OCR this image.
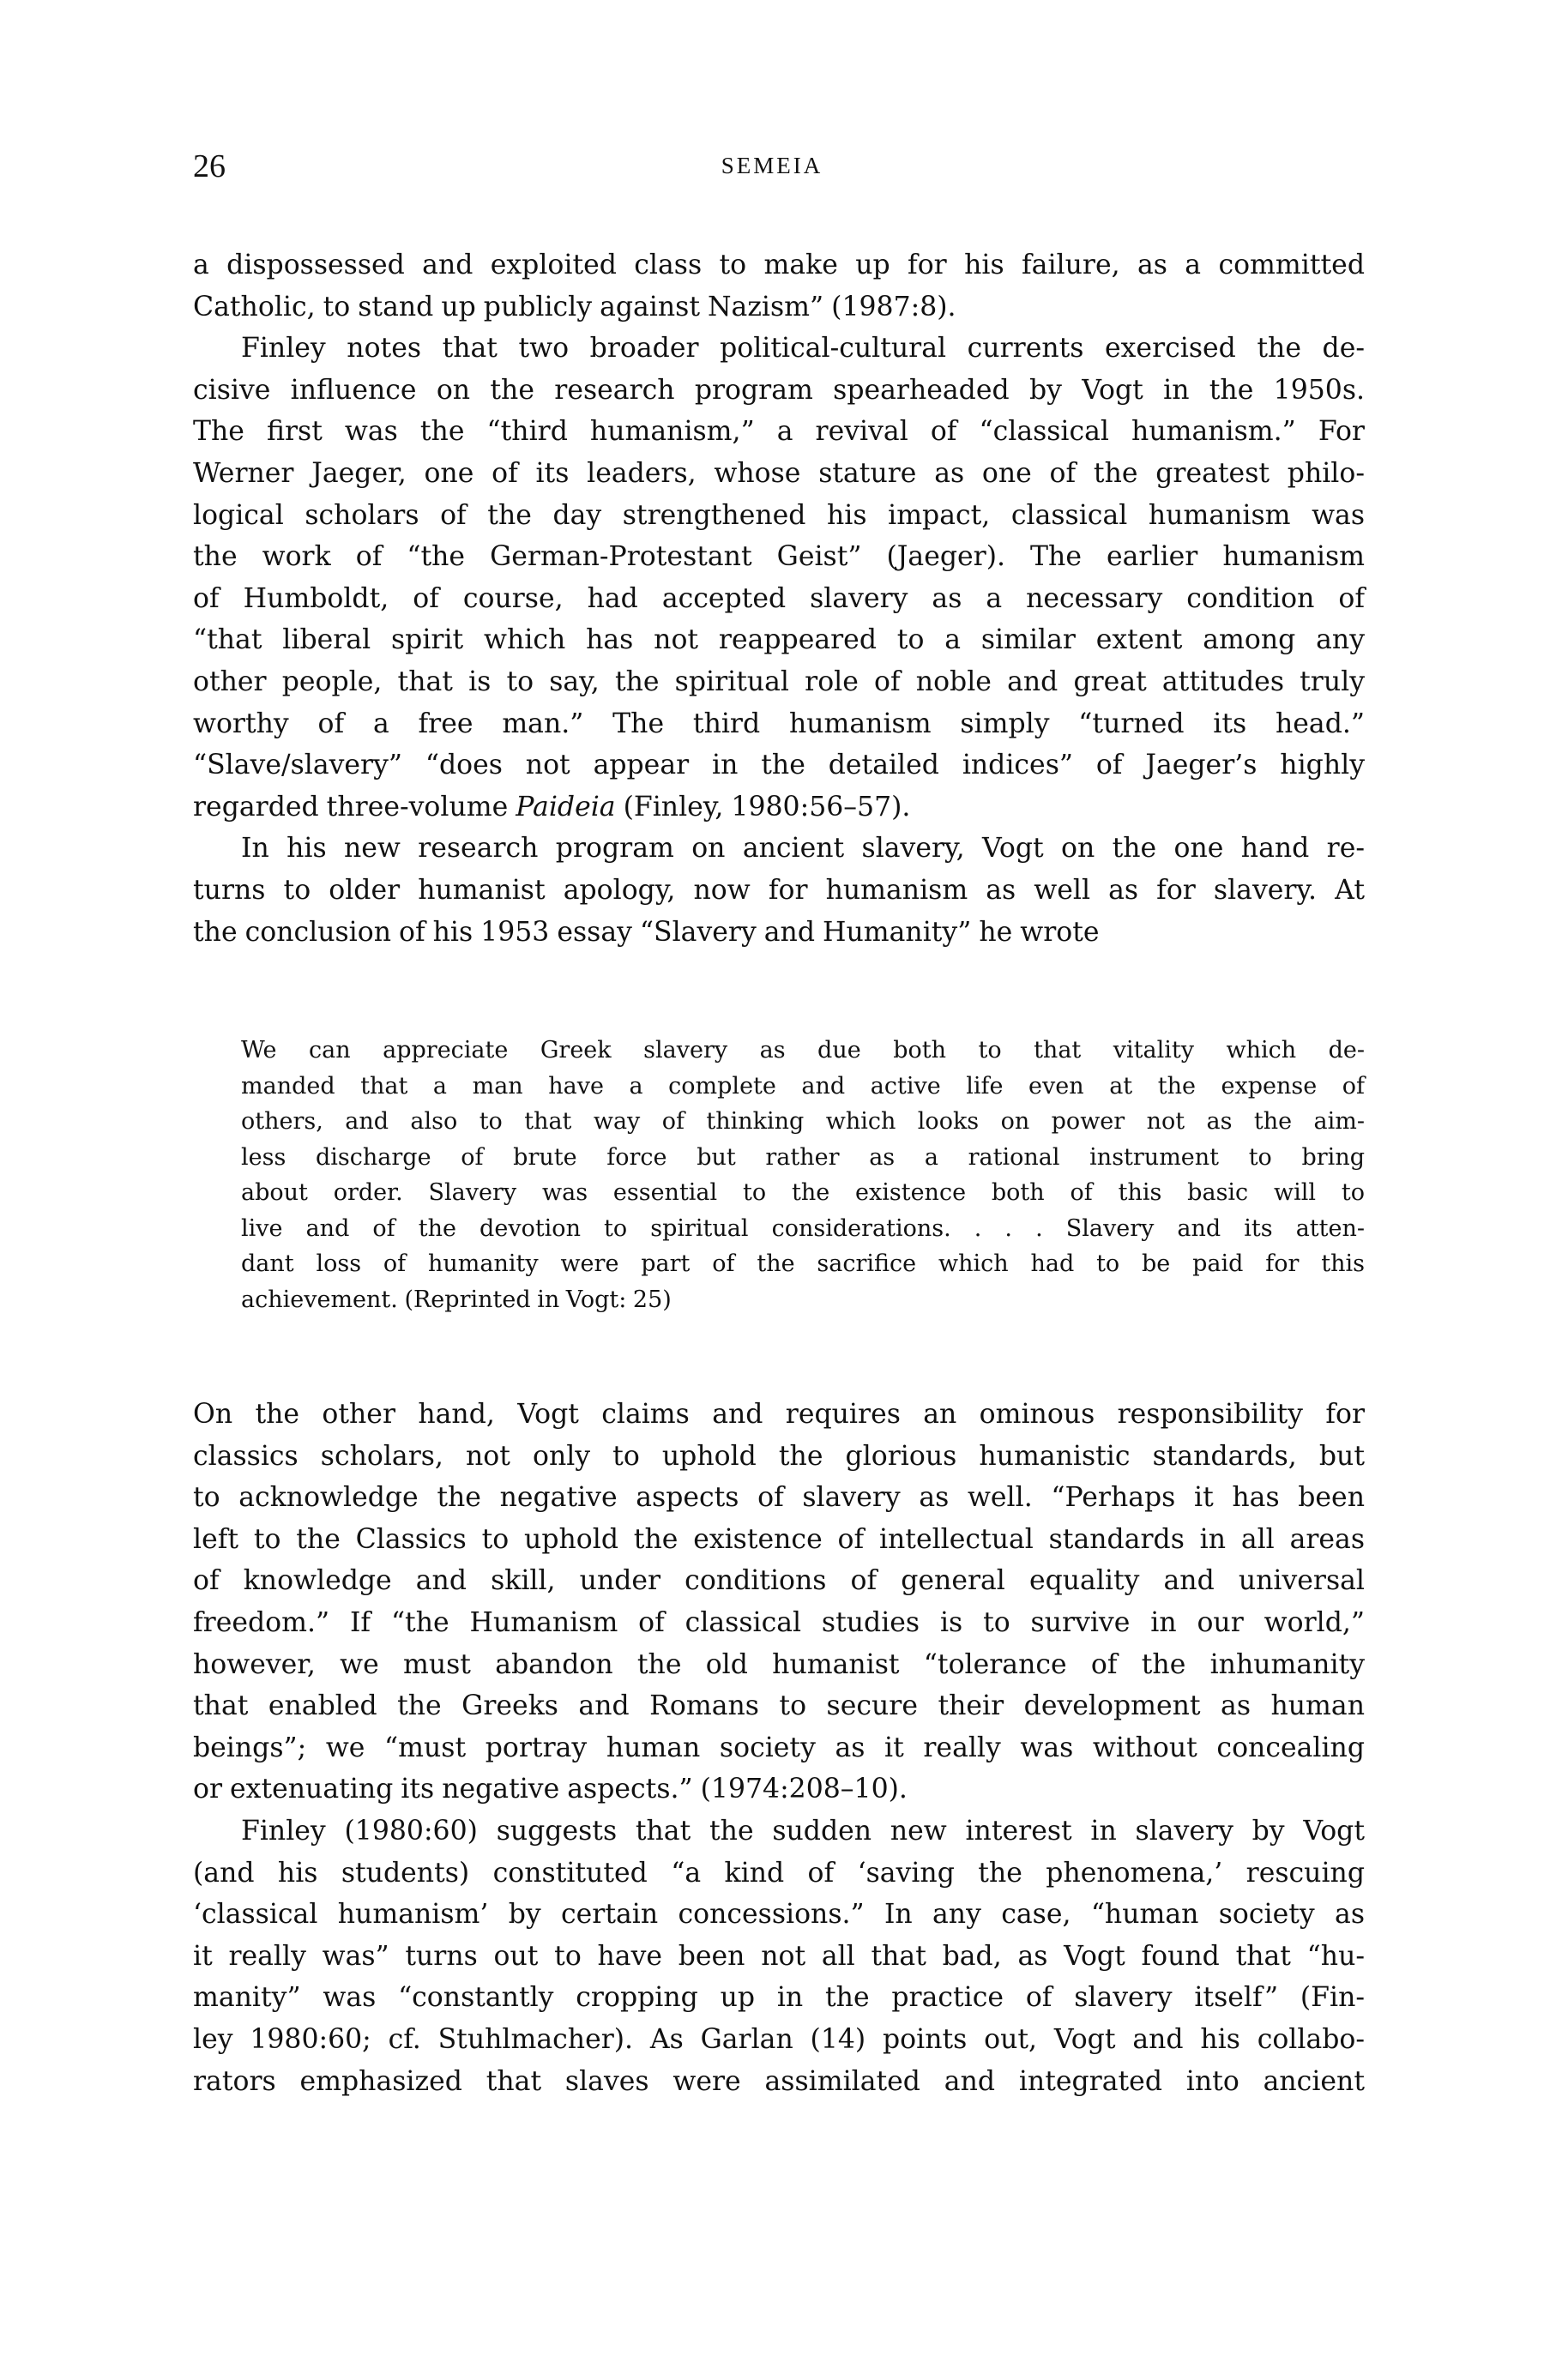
26	SEMEIA
a dispossessed and exploited class to make up for his failure, as a committed
Catholic, to stand up publicly against Nazism” (1987:8).
Finley notes that two broader political-cultural currents exercised the de-
cisive influence on the research program spearheaded by Vogt in the 1950s.
The first was the “third humanism,” a revival of “classical humanism.” For
Werner Jaeger, one of its leaders, whose stature as one of the greatest philo-
logical scholars of the day strengthened his impact, classical humanism was
the work of “the German-Protestant Geist” (Jaeger). The earlier humanism
of Humboldt, of course, had accepted slavery as a necessary condition of
“that liberal spirit which has not reappeared to a similar extent among any
other people, that is to say, the spiritual role of noble and great attitudes truly
worthy of a free man.” The third humanism simply “turned its head.”
“Slave/slavery” “does not appear in the detailed indices” of Jaeger’s highly
regarded three-volume Paideia (Finley, 1980:56–57).
In his new research program on ancient slavery, Vogt on the one hand re-
turns to older humanist apology, now for humanism as well as for slavery. At
the conclusion of his 1953 essay “Slavery and Humanity” he wrote
We can appreciate Greek slavery as due both to that vitality which de-
manded that a man have a complete and active life even at the expense of
others, and also to that way of thinking which looks on power not as the aim-
less discharge of brute force but rather as a rational instrument to bring
about order. Slavery was essential to the existence both of this basic will to
live and of the devotion to spiritual considerations. . . . Slavery and its atten-
dant loss of humanity were part of the sacrifice which had to be paid for this
achievement. (Reprinted in Vogt: 25)
On the other hand, Vogt claims and requires an ominous responsibility for
classics scholars, not only to uphold the glorious humanistic standards, but
to acknowledge the negative aspects of slavery as well. “Perhaps it has been
left to the Classics to uphold the existence of intellectual standards in all areas
of knowledge and skill, under conditions of general equality and universal
freedom.” If “the Humanism of classical studies is to survive in our world,”
however, we must abandon the old humanist “tolerance of the inhumanity
that enabled the Greeks and Romans to secure their development as human
beings”; we “must portray human society as it really was without concealing
or extenuating its negative aspects.” (1974:208–10).
Finley (1980:60) suggests that the sudden new interest in slavery by Vogt
(and his students) constituted “a kind of ‘saving the phenomena,’ rescuing
‘classical humanism’ by certain concessions.” In any case, “human society as
it really was” turns out to have been not all that bad, as Vogt found that “hu-
manity” was “constantly cropping up in the practice of slavery itself” (Fin-
ley 1980:60; cf. Stuhlmacher). As Garlan (14) points out, Vogt and his collabo-
rators emphasized that slaves were assimilated and integrated into ancient
